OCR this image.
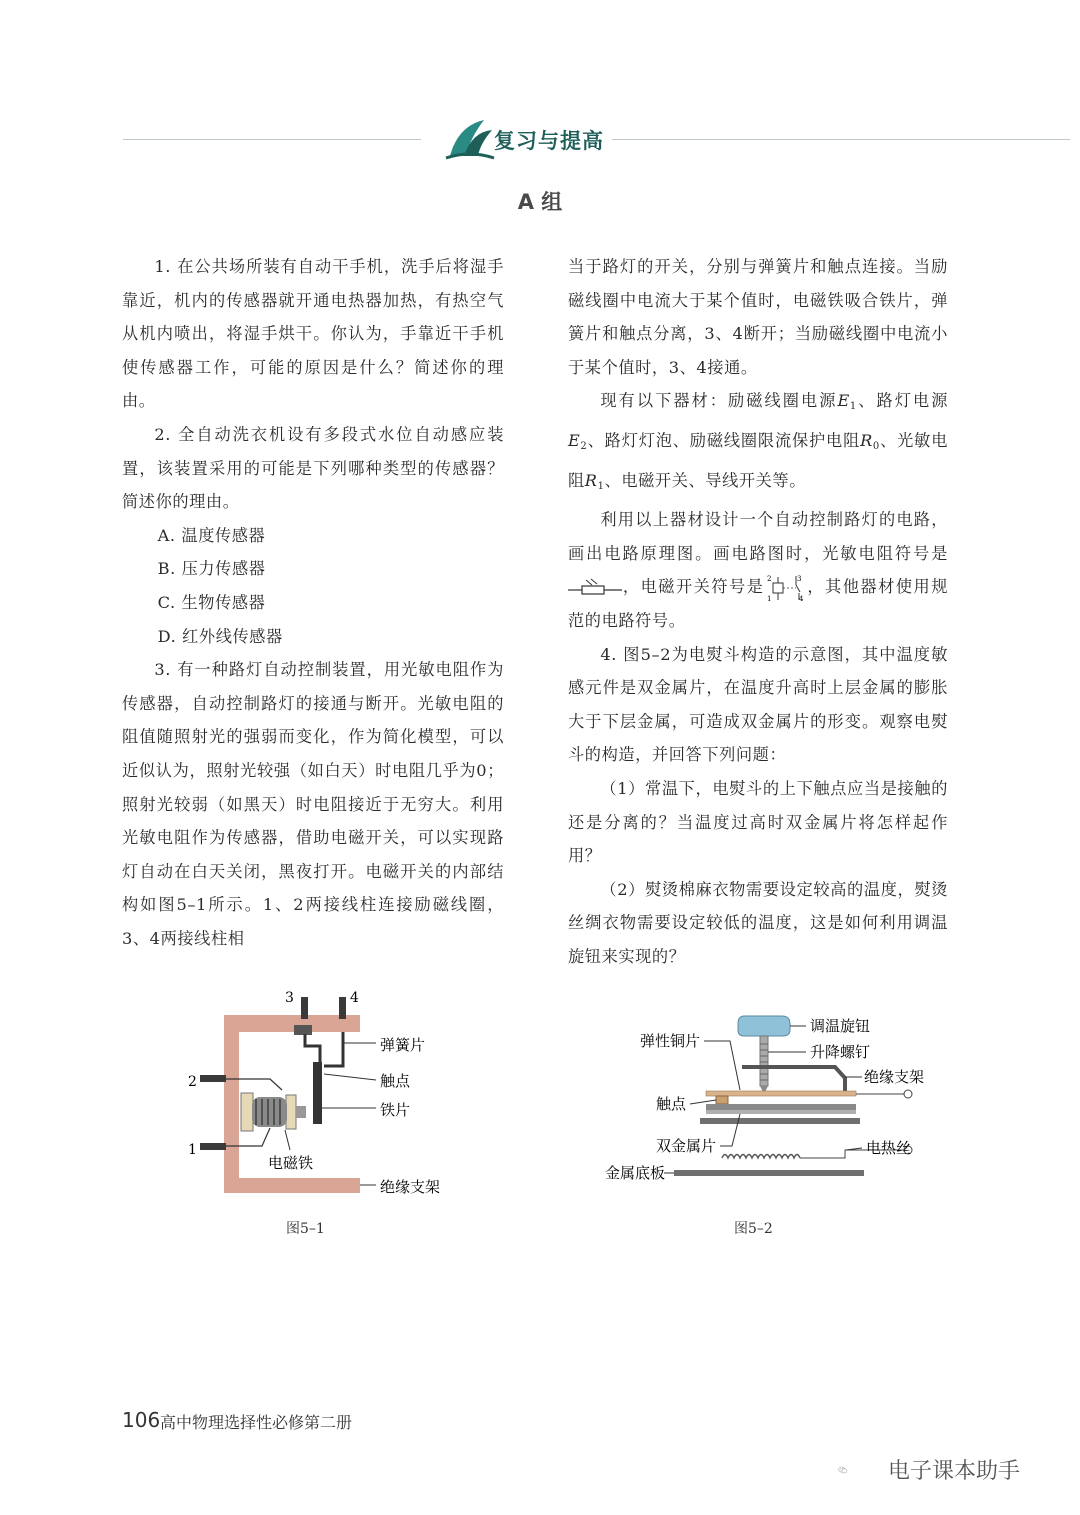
复习与提高
A 组

1. 在公共场所装有自动干手机，洗手后将湿手靠近，机内的传感器就开通电热器加热，有热空气从机内喷出，将湿手烘干。你认为，手靠近干手机使传感器工作，可能的原因是什么？简述你的理由。

2. 全自动洗衣机设有多段式水位自动感应装置，该装置采用的可能是下列哪种类型的传感器？简述你的理由。

A. 温度传感器

B. 压力传感器

C. 生物传感器

D. 红外线传感器

3. 有一种路灯自动控制装置，用光敏电阻作为传感器，自动控制路灯的接通与断开。光敏电阻的阻值随照射光的强弱而变化，作为简化模型，可以近似认为，照射光较强（如白天）时电阻几乎为0；照射光较弱（如黑天）时电阻接近于无穷大。利用光敏电阻作为传感器，借助电磁开关，可以实现路灯自动在白天关闭，黑夜打开。电磁开关的内部结构如图5–1所示。1、2两接线柱连接励磁线圈，3、4两接线柱相

当于路灯的开关，分别与弹簧片和触点连接。当励磁线圈中电流大于某个值时，电磁铁吸合铁片，弹簧片和触点分离，3、4断开；当励磁线圈中电流小于某个值时，3、4接通。

现有以下器材：励磁线圈电源$E_1$、路灯电源$E_2$、路灯灯泡、励磁线圈限流保护电阻$R_0$、光敏电阻$R_1$、电磁开关、导线开关等。

利用以上器材设计一个自动控制路灯的电路，画出电路原理图。画电路图时，光敏电阻符号是，电磁开关符号是 2
1
3
4
，其他器材使用规范的电路符号。

4. 图5–2为电熨斗构造的示意图，其中温度敏感元件是双金属片，在温度升高时上层金属的膨胀大于下层金属，可造成双金属片的形变。观察电熨斗的构造，并回答下列问题：

（1）常温下，电熨斗的上下触点应当是接触的还是分离的？当温度过高时双金属片将怎样起作用？

（2）熨烫棉麻衣物需要设定较高的温度，熨烫丝绸衣物需要设定较低的温度，这是如何利用调温旋钮来实现的？

3	4
2
1
弹簧片
触点
铁片
电磁铁
绝缘支架
图5–1
调温旋钮
升降螺钉
弹性铜片
绝缘支架
触点
双金属片	电热丝
金属底板
图5–2
106 高中物理选择性必修第二册
电子课本助手
